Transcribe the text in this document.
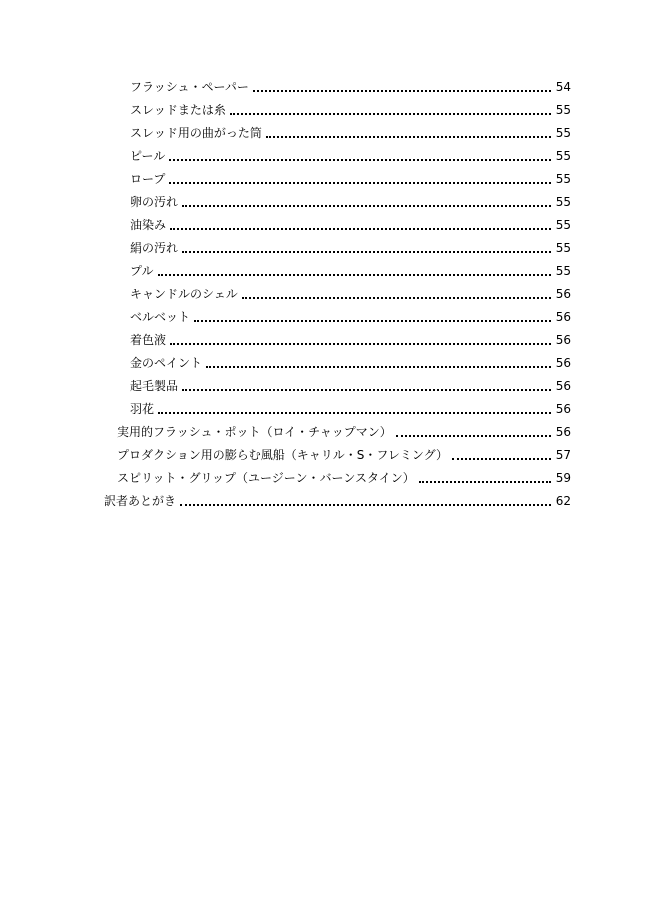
フラッシュ・ペーパー	54
スレッドまたは糸	55
スレッド用の曲がった筒	55
ピール	55
ロープ	55
卵の汚れ	55
油染み	55
絹の汚れ	55
プル	55
キャンドルのシェル	56
ベルベット	56
着色液	56
金のペイント	56
起毛製品	56
羽花	56
実用的フラッシュ・ポット（ロイ・チャップマン）	56
プロダクション用の膨らむ風船（キャリル・S・フレミング）	57
スピリット・グリップ（ユージーン・バーンスタイン）	59
訳者あとがき	62
